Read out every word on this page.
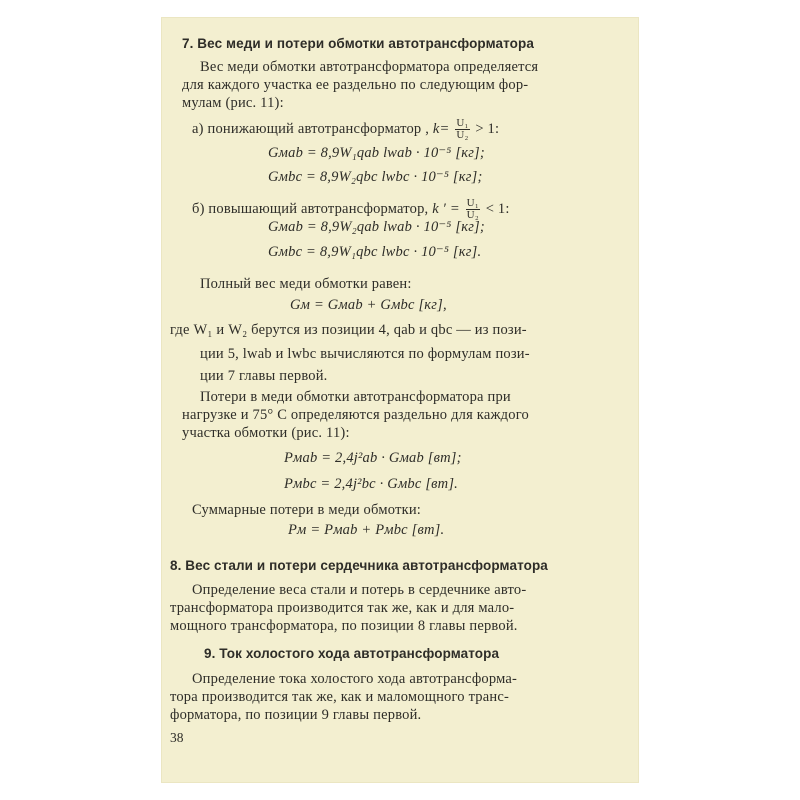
7. Вес меди и потери обмотки автотрансформатора
Вес меди обмотки автотрансформатора определяется
для каждого участка ее раздельно по следующим фор-
мулам (рис. 11):
а) понижающий автотрансформатор , $k= \frac{\text{U₁}}{\text{U₂}} > 1$:
Gмab = 8,9W₁qab lwab · 10⁻⁵ [кг];
Gмbc = 8,9W₂qbc lwbc · 10⁻⁵ [кг];
б) повышающий автотрансформатор, k ′ = $\frac{\text{U₁}}{\text{U₂}} < 1$:
Gмab = 8,9W₂qab lwab · 10⁻⁵ [кг];
Gмbc = 8,9W₁qbc lwbc · 10⁻⁵ [кг].
Полный вес меди обмотки равен:
Gм = Gмab + Gмbc [кг],
где W₁ и W₂ берутся из позиции 4, qab и qbc — из пози-
ции 5, lwab и lwbc вычисляются по формулам пози-
ции 7 главы первой.
Потери в меди обмотки автотрансформатора при
нагрузке и 75° С определяются раздельно для каждого
участка обмотки (рис. 11):
Pмab = 2,4j²ab · Gмab [вт];
Pмbc = 2,4j²bc · Gмbc [вт].
Суммарные потери в меди обмотки:
Pм = Pмab + Pмbc [вт].
8. Вес стали и потери сердечника автотрансформатора
Определение веса стали и потерь в сердечнике авто-
трансформатора производится так же, как и для мало-
мощного трансформатора, по позиции 8 главы первой.
9. Ток холостого хода автотрансформатора
Определение тока холостого хода автотрансформа-
тора производится так же, как и маломощного транс-
форматора, по позиции 9 главы первой.
38
